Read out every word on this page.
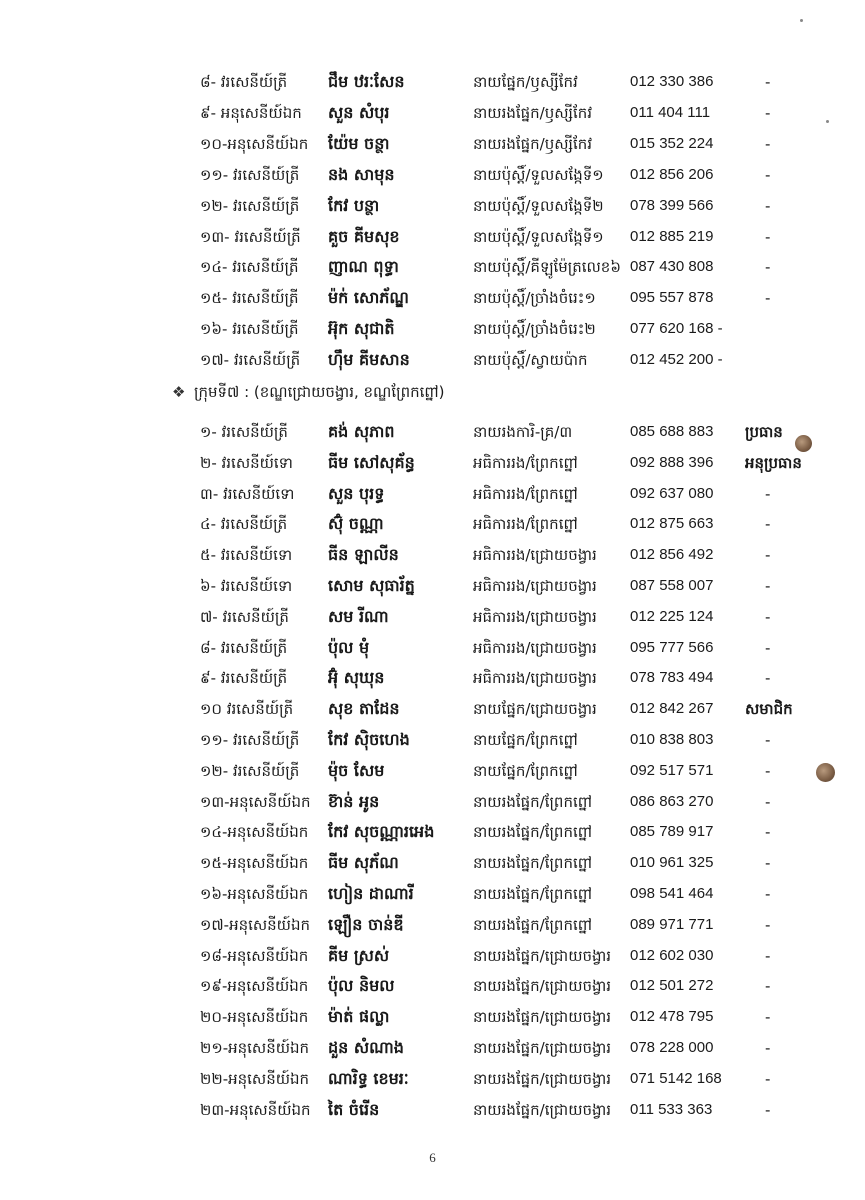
៨- វរសេនីយ៍ត្រី	ជឹម ឋរៈសែន	នាយផ្នែក/ឫស្សីកែវ	012 330 386	-
៩- អនុសេនីយ៍ឯក សួន សំបុរ	នាយរងផ្នែក/ឫស្សីកែវ	011 404 111	-
១០-អនុសេនីយ៍ឯក យ៉ែម ចន្ថា	នាយរងផ្នែក/ឫស្សីកែវ	015 352 224	-
១១- វរសេនីយ៍ត្រី នង សាមុន	នាយប៉ុស្តិ៍/ទួលសង្កែទី១ 012 856 206	-
១២- វរសេនីយ៍ត្រី កែវ បន្ថា	នាយប៉ុស្តិ៍/ទួលសង្កែទី២ 078 399 566	-
១៣- វរសេនីយ៍ត្រី គួច គីមសុខ	នាយប៉ុស្តិ៍/ទួលសង្កែទី១ 012 885 219	-
១៤- វរសេនីយ៍ត្រី ញាណ ពុទ្ធា	នាយប៉ុស្តិ៍/គីឡូម៉ែត្រលេខ៦ 087 430 808	-
១៥- វរសេនីយ៍ត្រី ម៉ក់ សោភ័ណ្ឌ	នាយប៉ុស្តិ៍/ច្រាំងចំរេះ១ 095 557 878	-
១៦- វរសេនីយ៍ត្រី អ៊ុក សុជាតិ	នាយប៉ុស្តិ៍/ច្រាំងចំរេះ២ 077 620 168 -
១៧- វរសេនីយ៍ត្រី ហ៊ឹម គីមសាន	នាយប៉ុស្តិ៍/ស្វាយប៉ាក	012 452 200 -
❖ ក្រុមទី៧ : (ខណ្ឌជ្រោយចង្វារ, ខណ្ឌព្រែកព្នៅ)
១- វរសេនីយ៍ត្រី	គង់ សុភាព	នាយរងការិ-គ្រ/៣	085 688 883 ប្រធាន
២- វរសេនីយ៍ទោ ធីម សៅសុគ័ន្ធ	អធិការរង/ព្រែកព្នៅ	092 888 396 អនុប្រធាន
៣- វរសេនីយ៍ទោ សួន បុរទ្ធ	អធិការរង/ព្រែកព្នៅ	092 637 080	-
៤- វរសេនីយ៍ត្រី	ស៊ុំ ចណ្ណា	អធិការរង/ព្រែកព្នៅ	012 875 663	-
៥- វរសេនីយ៍ទោ ធីន ឡាលីន	អធិការរង/ជ្រោយចង្វារ 012 856 492	-
៦- វរសេនីយ៍ទោ សោម សុធារ័ត្ន	អធិការរង/ជ្រោយចង្វារ 087 558 007	-
៧- វរសេនីយ៍ត្រី សម រីណា	អធិការរង/ជ្រោយចង្វារ 012 225 124	-
៨- វរសេនីយ៍ត្រី	ប៉ុល មុំ	អធិការរង/ជ្រោយចង្វារ 095 777 566	-
៩- វរសេនីយ៍ត្រី	អ៊ុំ សុឃុន	អធិការរង/ជ្រោយចង្វារ 078 783 494	-
១០ វរសេនីយ៍ត្រី សុខ តាដែន	នាយផ្នែក/ជ្រោយចង្វារ 012 842 267 សមាជិក
១១- វរសេនីយ៍ត្រី កែវ ស៊ិចហេង	នាយផ្នែក/ព្រែកព្នៅ	010 838 803	-
១២- វរសេនីយ៍ត្រី ម៉ុច សែម	នាយផ្នែក/ព្រែកព្នៅ	092 517 571	-
១៣-អនុសេនីយ៍ឯក ខ៊ាន់ អូន	នាយរងផ្នែក/ព្រែកព្នៅ	086 863 270	-
១៤-អនុសេនីយ៍ឯក កែវ សុចណ្ណារអេង	នាយរងផ្នែក/ព្រែកព្នៅ	085 789 917	-
១៥-អនុសេនីយ៍ឯក ធីម សុភ័ណ	នាយរងផ្នែក/ព្រែកព្នៅ	010 961 325	-
១៦-អនុសេនីយ៍ឯក ហៀន ដាណារី	នាយរងផ្នែក/ព្រែកព្នៅ	098 541 464	-
១៧-អនុសេនីយ៍ឯក ឡឿន ចាន់ឌី	នាយរងផ្នែក/ព្រែកព្នៅ	089 971 771	-
១៨-អនុសេនីយ៍ឯក គីម ស្រស់	នាយរងផ្នែក/ជ្រោយចង្វារ 012 602 030	-
១៩-អនុសេនីយ៍ឯក ប៉ុល និមល	នាយរងផ្នែក/ជ្រោយចង្វារ 012 501 272	-
២០-អនុសេនីយ៍ឯក ម៉ាត់ ផល្លា	នាយរងផ្នែក/ជ្រោយចង្វារ 012 478 795	-
២១-អនុសេនីយ៍ឯក ដួន សំណាង	នាយរងផ្នែក/ជ្រោយចង្វារ 078 228 000	-
២២-អនុសេនីយ៍ឯក ណារិទ្ធ ខេមរៈ	នាយរងផ្នែក/ជ្រោយចង្វារ 071 5142 168	-
២៣-អនុសេនីយ៍ឯក តៃ ចំរើន	នាយរងផ្នែក/ជ្រោយចង្វារ 011 533 363	-
6
